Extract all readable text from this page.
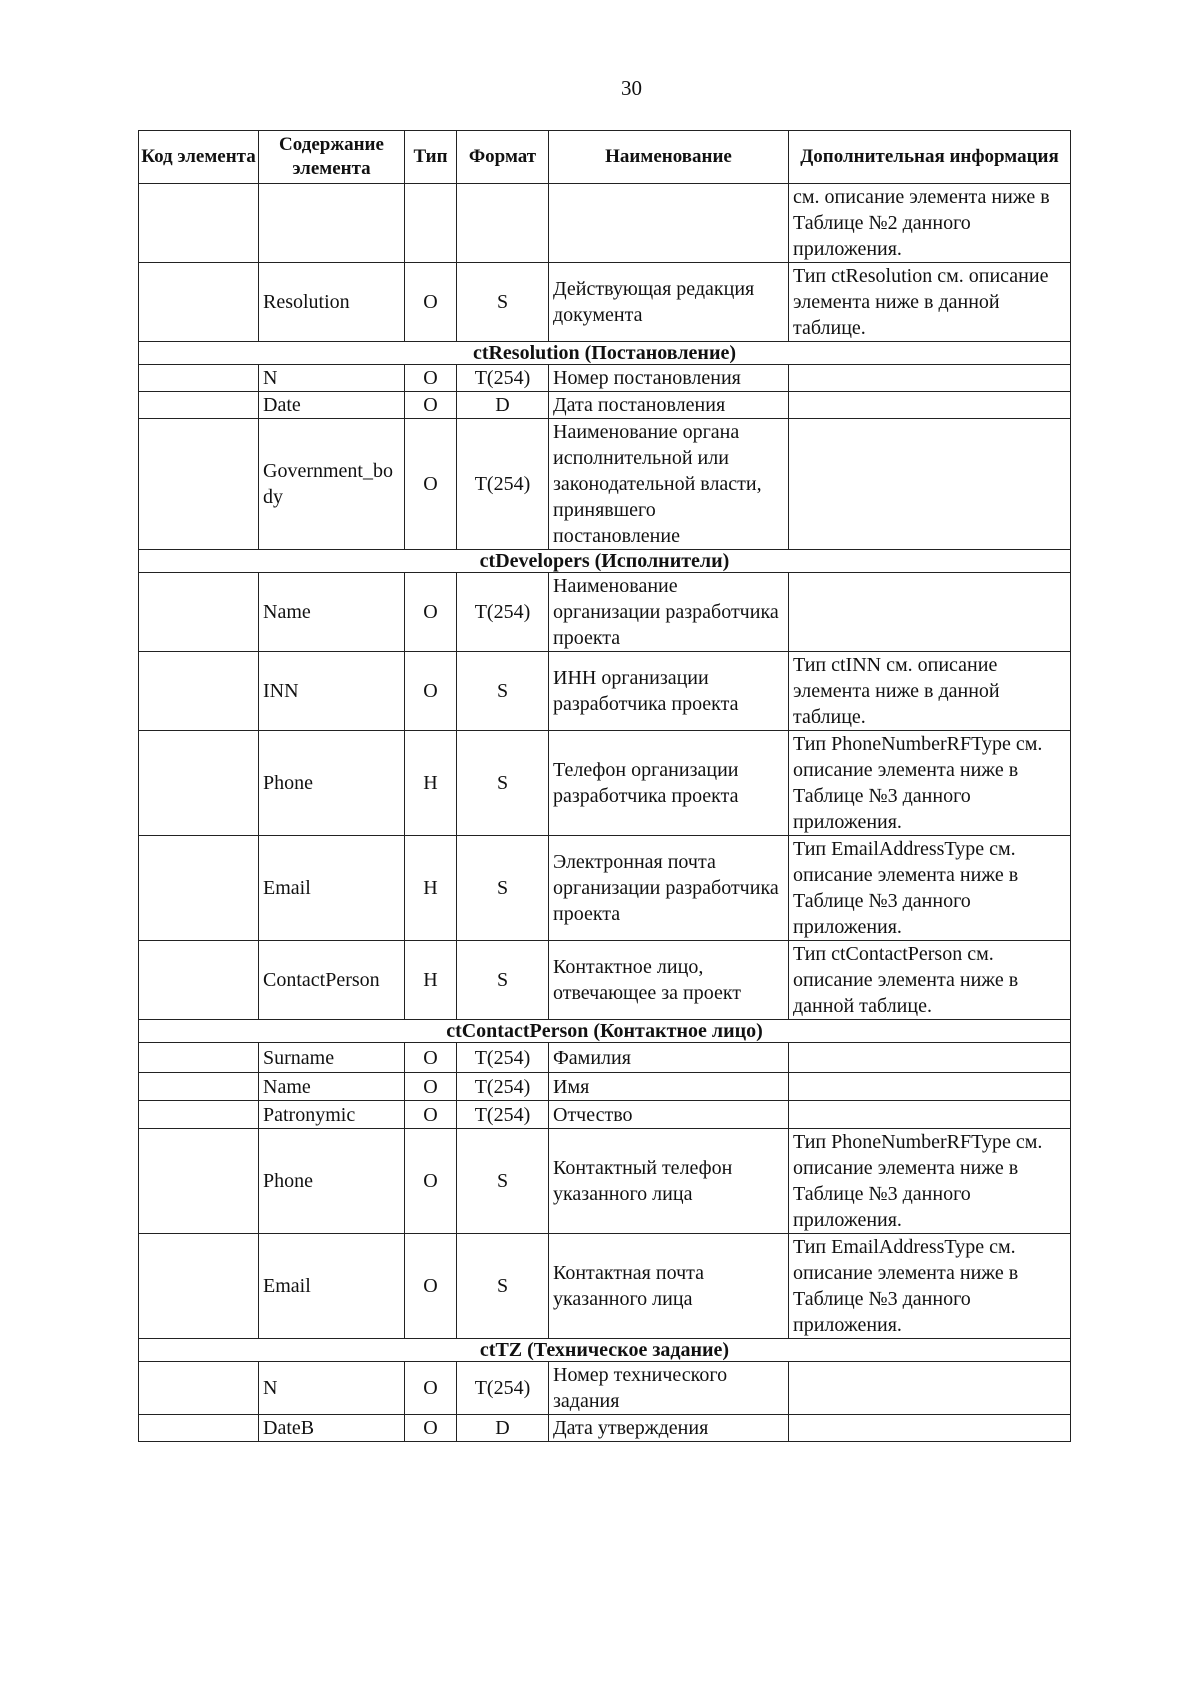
30
Код элемента	Содержание элемента	Тип	Формат	Наименование	Дополнительная информация
					см. описание элемента ниже в Таблице №2 данного приложения.
	Resolution	O	S	Действующая редакция документа	Тип ctResolution см. описание элемента ниже в данной таблице.
ctResolution (Постановление)					
	N	O	T(254)	Номер постановления	
	Date	O	D	Дата постановления	
	Government_body	O	T(254)	Наименование органа исполнительной или законодательной власти, принявшего постановление	
ctDevelopers (Исполнители)					
	Name	O	T(254)	Наименование организации разработчика проекта	
	INN	O	S	ИНН организации разработчика проекта	Тип ctINN см. описание элемента ниже в данной таблице.
	Phone	H	S	Телефон организации разработчика проекта	Тип PhoneNumberRFType см. описание элемента ниже в Таблице №3 данного приложения.
	Email	H	S	Электронная почта организации разработчика проекта	Тип EmailAddressType см. описание элемента ниже в Таблице №3 данного приложения.
	ContactPerson	H	S	Контактное лицо, отвечающее за проект	Тип ctContactPerson см. описание элемента ниже в данной таблице.
ctContactPerson (Контактное лицо)					
	Surname	O	T(254)	Фамилия	
	Name	O	T(254)	Имя	
	Patronymic	O	T(254)	Отчество	
	Phone	O	S	Контактный телефон указанного лица	Тип PhoneNumberRFType см. описание элемента ниже в Таблице №3 данного приложения.
	Email	O	S	Контактная почта указанного лица	Тип EmailAddressType см. описание элемента ниже в Таблице №3 данного приложения.
ctTZ (Техническое задание)					
	N	O	T(254)	Номер технического задания	
	DateB	O	D	Дата утверждения	
